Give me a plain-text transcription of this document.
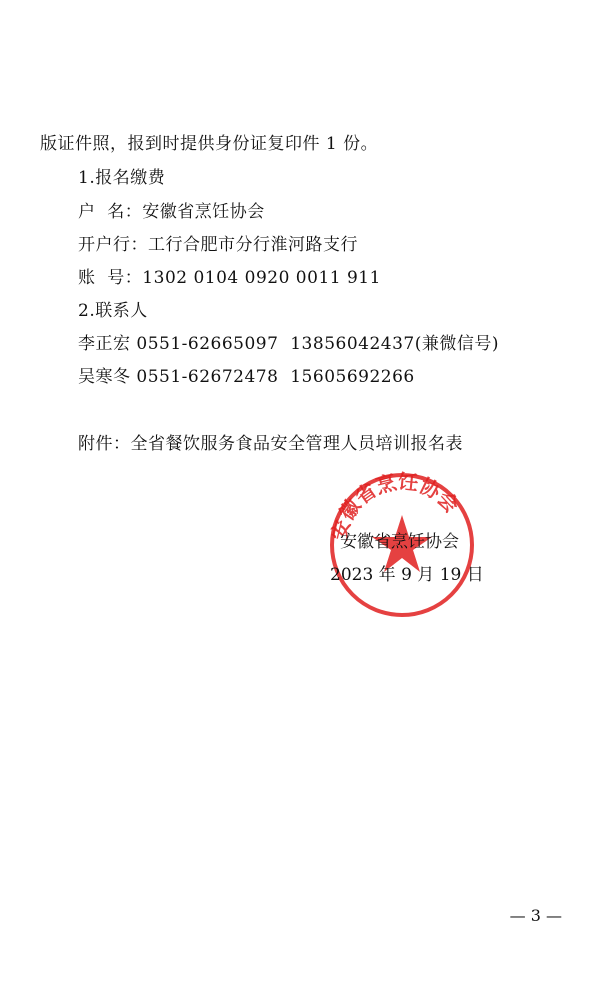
版证件照，报到时提供身份证复印件 1 份。
1.报名缴费
户  名：安徽省烹饪协会
开户行：工行合肥市分行淮河路支行
账  号：1302 0104 0920 0011 911
2.联系人
李正宏 0551-62665097  13856042437(兼微信号)
吴寒冬 0551-62672478  15605692266
附件：全省餐饮服务食品安全管理人员培训报名表
安徽省烹饪协会
安徽省烹饪协会
2023 年 9 月 19 日
— 3 —
